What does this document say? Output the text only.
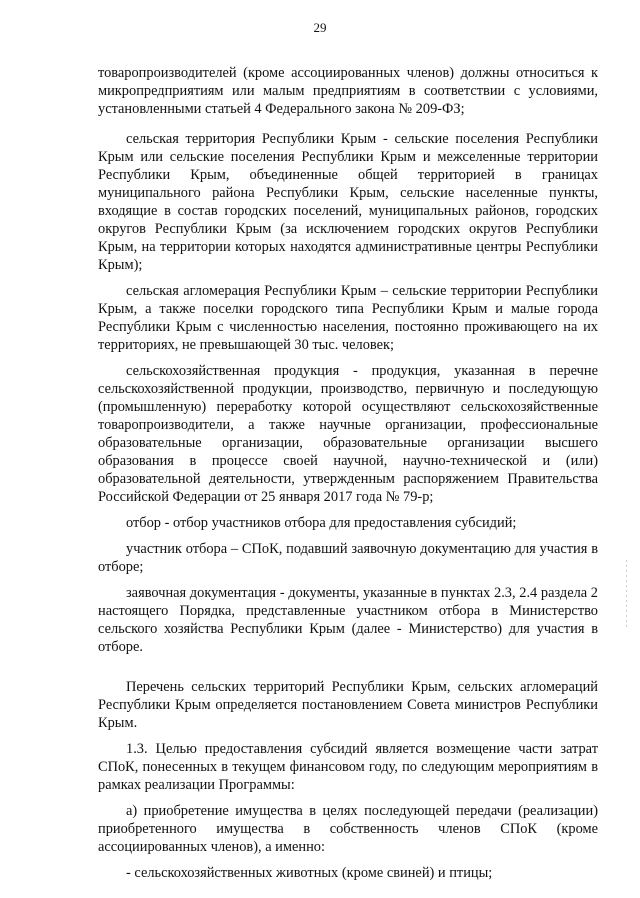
29

товаропроизводителей (кроме ассоциированных членов) должны относиться к микропредприятиям или малым предприятиям в соответствии с условиями, установленными статьей 4 Федерального закона № 209-ФЗ;

сельская территория Республики Крым - сельские поселения Республики Крым или сельские поселения Республики Крым и межселенные территории Республики Крым, объединенные общей территорией в границах муниципального района Республики Крым, сельские населенные пункты, входящие в состав городских поселений, муниципальных районов, городских округов Республики Крым (за исключением городских округов Республики Крым, на территории которых находятся административные центры Республики Крым);

сельская агломерация Республики Крым – сельские территории Республики Крым, а также поселки городского типа Республики Крым и малые города Республики Крым с численностью населения, постоянно проживающего на их территориях, не превышающей 30 тыс. человек;

сельскохозяйственная продукция - продукция, указанная в перечне сельскохозяйственной продукции, производство, первичную и последующую (промышленную) переработку которой осуществляют сельскохозяйственные товаропроизводители, а также научные организации, профессиональные образовательные организации, образовательные организации высшего образования в процессе своей научной, научно-технической и (или) образовательной деятельности, утвержденным распоряжением Правительства Российской Федерации от 25 января 2017 года № 79-р;

отбор - отбор участников отбора для предоставления субсидий;

участник отбора – СПоК, подавший заявочную документацию для участия в отборе;

заявочная документация - документы, указанные в пунктах 2.3, 2.4 раздела 2 настоящего Порядка, представленные участником отбора в Министерство сельского хозяйства Республики Крым (далее - Министерство) для участия в отборе.

Перечень сельских территорий Республики Крым, сельских агломераций Республики Крым определяется постановлением Совета министров Республики Крым.

1.3. Целью предоставления субсидий является возмещение части затрат СПоК, понесенных в текущем финансовом году, по следующим мероприятиям в рамках реализации Программы:

а) приобретение имущества в целях последующей передачи (реализации) приобретенного имущества в собственность членов СПоК (кроме ассоциированных членов), а именно:

- сельскохозяйственных животных (кроме свиней) и птицы;
